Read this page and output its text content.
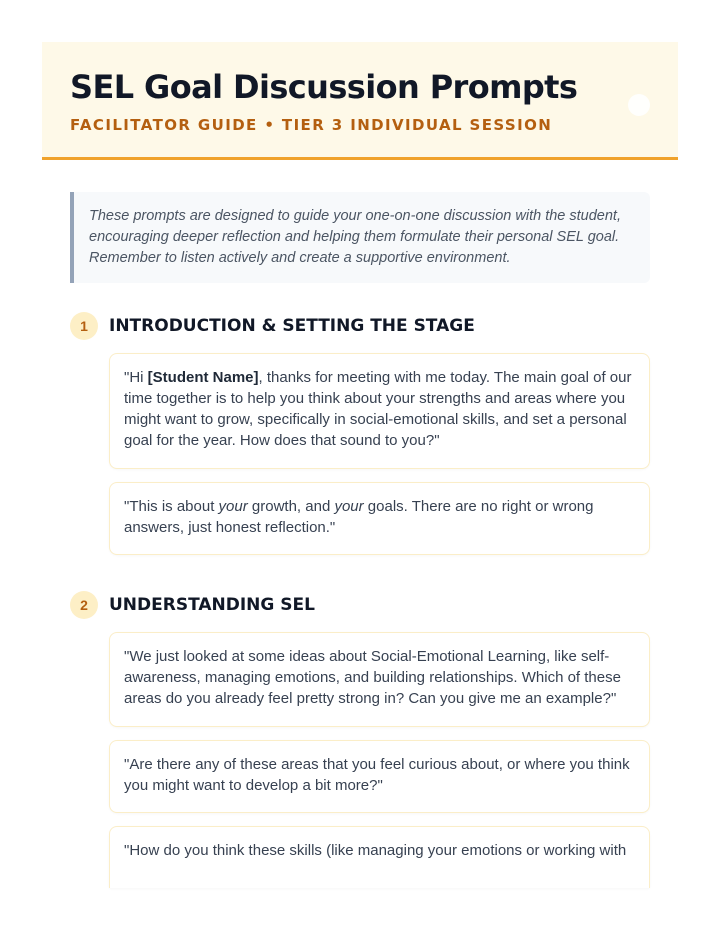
SEL Goal Discussion Prompts
FACILITATOR GUIDE • TIER 3 INDIVIDUAL SESSION
These prompts are designed to guide your one-on-one discussion with the student, encouraging deeper reflection and helping them formulate their personal SEL goal. Remember to listen actively and create a supportive environment.
1	INTRODUCTION & SETTING THE STAGE
"Hi [Student Name], thanks for meeting with me today. The main goal of our time together is to help you think about your strengths and areas where you might want to grow, specifically in social-emotional skills, and set a personal goal for the year. How does that sound to you?"
"This is about your growth, and your goals. There are no right or wrong answers, just honest reflection."
2	UNDERSTANDING SEL
"We just looked at some ideas about Social-Emotional Learning, like self-awareness, managing emotions, and building relationships. Which of these areas do you already feel pretty strong in? Can you give me an example?"
"Are there any of these areas that you feel curious about, or where you think you might want to develop a bit more?"
"How do you think these skills (like managing your emotions or working with
